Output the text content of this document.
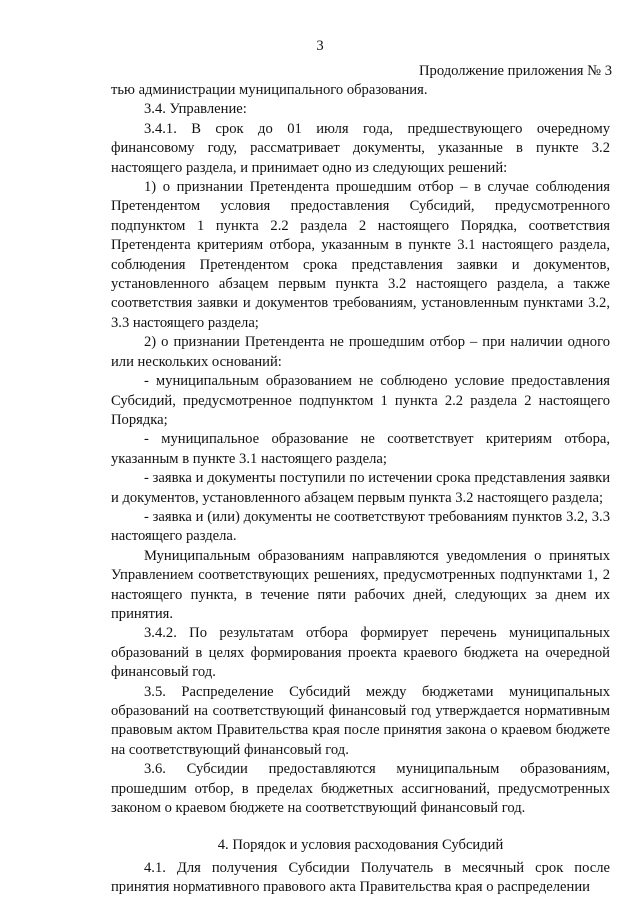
3
Продолжение приложения № 3

тью администрации муниципального образования.

3.4. Управление:

3.4.1. В срок до 01 июля года, предшествующего очередному финансовому году, рассматривает документы, указанные в пункте 3.2 настоящего раздела, и принимает одно из следующих решений:

1) о признании Претендента прошедшим отбор – в случае соблюдения Претендентом условия предоставления Субсидий, предусмотренного подпунктом 1 пункта 2.2 раздела 2 настоящего Порядка, соответствия Претендента критериям отбора, указанным в пункте 3.1 настоящего раздела, соблюдения Претендентом срока представления заявки и документов, установленного абзацем первым пункта 3.2 настоящего раздела, а также соответствия заявки и документов требованиям, установленным пунктами 3.2, 3.3 настоящего раздела;

2) о признании Претендента не прошедшим отбор – при наличии одного или нескольких оснований:

- муниципальным образованием не соблюдено условие предоставления Субсидий, предусмотренное подпунктом 1 пункта 2.2 раздела 2 настоящего Порядка;

- муниципальное образование не соответствует критериям отбора, указанным в пункте 3.1 настоящего раздела;

- заявка и документы поступили по истечении срока представления заявки и документов, установленного абзацем первым пункта 3.2 настоящего раздела;

- заявка и (или) документы не соответствуют требованиям пунктов 3.2, 3.3 настоящего раздела.

Муниципальным образованиям направляются уведомления о принятых Управлением соответствующих решениях, предусмотренных подпунктами 1, 2 настоящего пункта, в течение пяти рабочих дней, следующих за днем их принятия.

3.4.2. По результатам отбора формирует перечень муниципальных образований в целях формирования проекта краевого бюджета на очередной финансовый год.

3.5. Распределение Субсидий между бюджетами муниципальных образований на соответствующий финансовый год утверждается нормативным правовым актом Правительства края после принятия закона о краевом бюджете на соответствующий финансовый год.

3.6. Субсидии предоставляются муниципальным образованиям, прошедшим отбор, в пределах бюджетных ассигнований, предусмотренных законом о краевом бюджете на соответствующий финансовый год.

4. Порядок и условия расходования Субсидий

4.1. Для получения Субсидии Получатель в месячный срок после принятия нормативного правового акта Правительства края о распределении
